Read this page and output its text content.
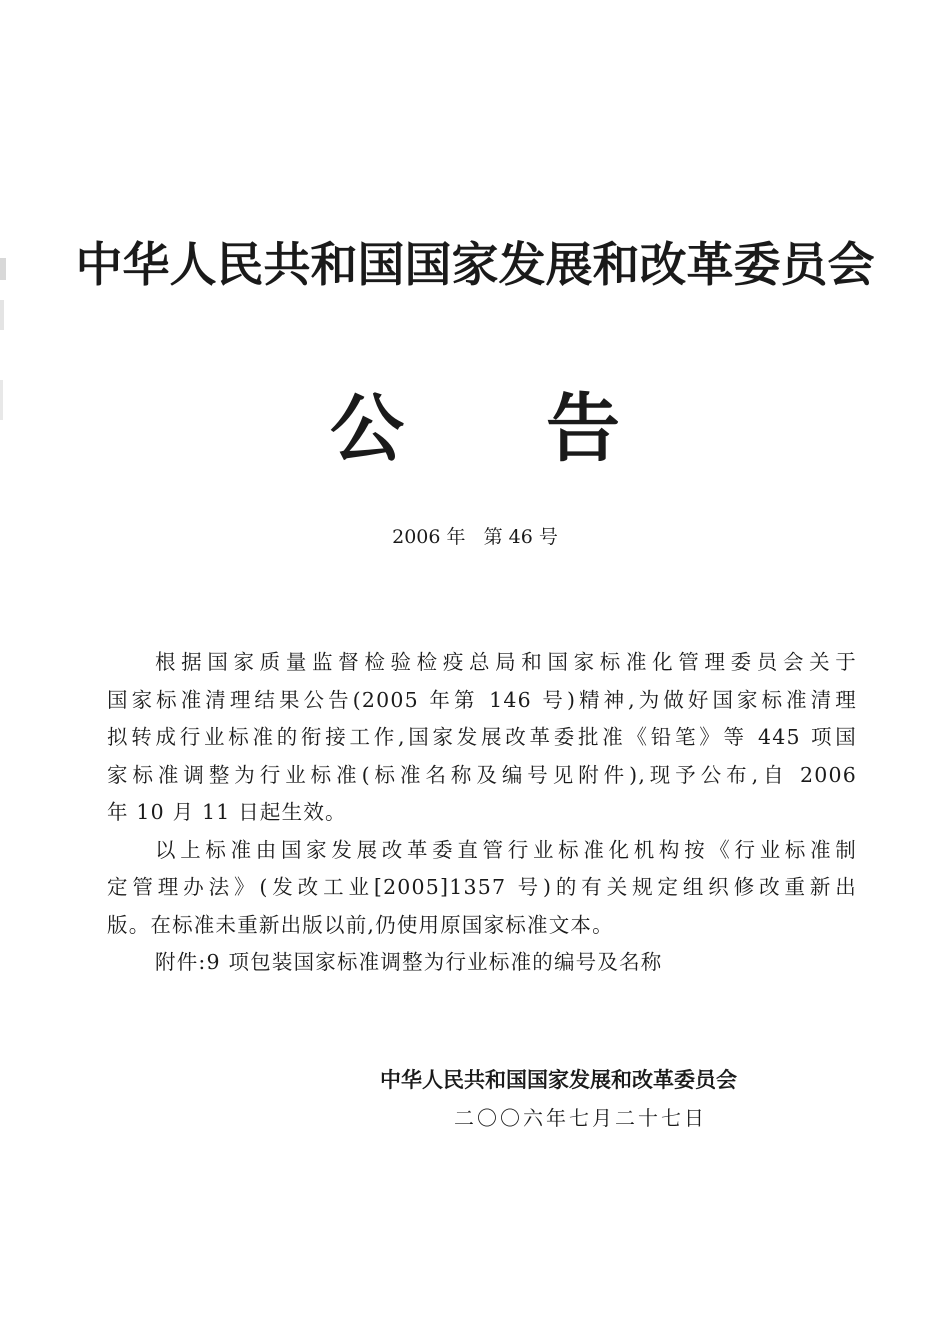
中华人民共和国国家发展和改革委员会
公 告
2006 年   第 46 号
根据国家质量监督检验检疫总局和国家标准化管理委员会关于
国家标准清理结果公告(2005 年第 146 号)精神,为做好国家标准清理
拟转成行业标准的衔接工作,国家发展改革委批准《铅笔》等 445 项国
家标准调整为行业标准(标准名称及编号见附件),现予公布,自 2006
年 10 月 11 日起生效。
以上标准由国家发展改革委直管行业标准化机构按《行业标准制
定管理办法》(发改工业[2005]1357 号)的有关规定组织修改重新出
版。在标准未重新出版以前,仍使用原国家标准文本。
附件:9 项包装国家标准调整为行业标准的编号及名称
中华人民共和国国家发展和改革委员会
二〇〇六年七月二十七日
